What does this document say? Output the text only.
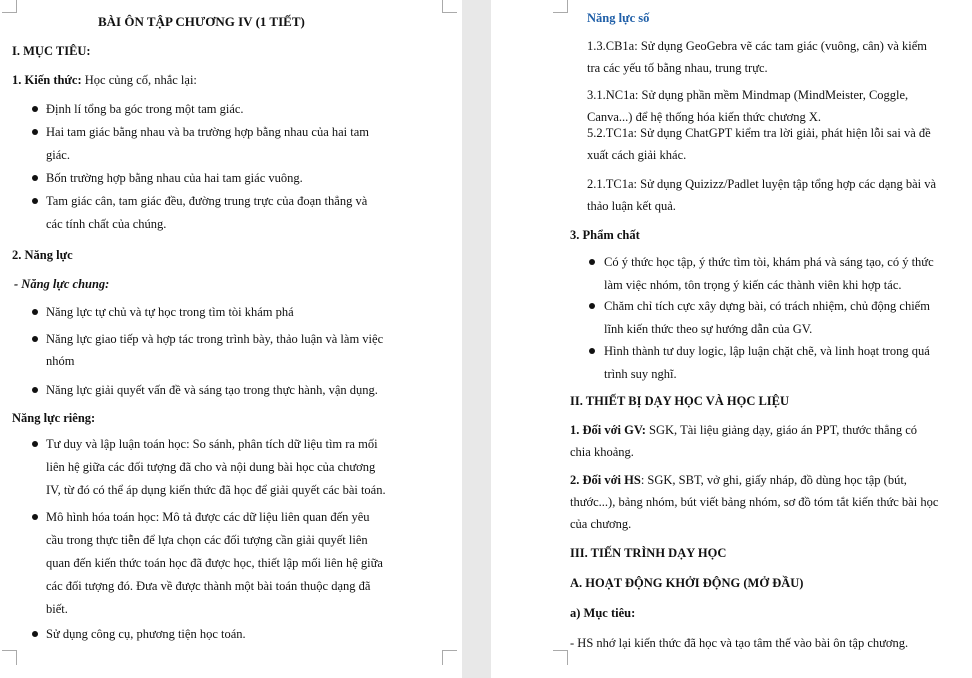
BÀI ÔN TẬP CHƯƠNG IV (1 TIẾT)
I. MỤC TIÊU:
1. Kiến thức: Học củng cố, nhắc lại:
Định lí tổng ba góc trong một tam giác.
Hai tam giác bằng nhau và ba trường hợp bằng nhau của hai tam
giác.
Bốn trường hợp bằng nhau của hai tam giác vuông.
Tam giác cân, tam giác đều, đường trung trực của đoạn thẳng và
các tính chất của chúng.
2. Năng lực
- Năng lực chung:
Năng lực tự chủ và tự học trong tìm tòi khám phá
Năng lực giao tiếp và hợp tác trong trình bày, thảo luận và làm việc
nhóm
Năng lực giải quyết vấn đề và sáng tạo trong thực hành, vận dụng.
Năng lực riêng:
Tư duy và lập luận toán học: So sánh, phân tích dữ liệu tìm ra mối
liên hệ giữa các đối tượng đã cho và nội dung bài học của chương
IV, từ đó có thể áp dụng kiến thức đã học để giải quyết các bài toán.
Mô hình hóa toán học: Mô tả được các dữ liệu liên quan đến yêu
cầu trong thực tiễn để lựa chọn các đối tượng cần giải quyết liên
quan đến kiến thức toán học đã được học, thiết lập mối liên hệ giữa
các đối tượng đó. Đưa về được thành một bài toán thuộc dạng đã
biết.
Sử dụng công cụ, phương tiện học toán.
Năng lực số
1.3.CB1a: Sử dụng GeoGebra vẽ các tam giác (vuông, cân) và kiểm
tra các yếu tố bằng nhau, trung trực.
3.1.NC1a: Sử dụng phần mềm Mindmap (MindMeister, Coggle,
Canva...) để hệ thống hóa kiến thức chương X.
5.2.TC1a: Sử dụng ChatGPT kiểm tra lời giải, phát hiện lỗi sai và đề
xuất cách giải khác.
2.1.TC1a: Sử dụng Quizizz/Padlet luyện tập tổng hợp các dạng bài và
thảo luận kết quả.
3. Phẩm chất
Có ý thức học tập, ý thức tìm tòi, khám phá và sáng tạo, có ý thức
làm việc nhóm, tôn trọng ý kiến các thành viên khi hợp tác.
Chăm chỉ tích cực xây dựng bài, có trách nhiệm, chủ động chiếm
lĩnh kiến thức theo sự hướng dẫn của GV.
Hình thành tư duy logic, lập luận chặt chẽ, và linh hoạt trong quá
trình suy nghĩ.
II. THIẾT BỊ DẠY HỌC VÀ HỌC LIỆU
1. Đối với GV: SGK, Tài liệu giảng dạy, giáo án PPT, thước thẳng có
chia khoảng.
2. Đối với HS: SGK, SBT, vở ghi, giấy nháp, đồ dùng học tập (bút,
thước...), bảng nhóm, bút viết bảng nhóm, sơ đồ tóm tắt kiến thức bài học
của chương.
III. TIẾN TRÌNH DẠY HỌC
A. HOẠT ĐỘNG KHỞI ĐỘNG (MỞ ĐẦU)
a) Mục tiêu:
- HS nhớ lại kiến thức đã học và tạo tâm thế vào bài ôn tập chương.
